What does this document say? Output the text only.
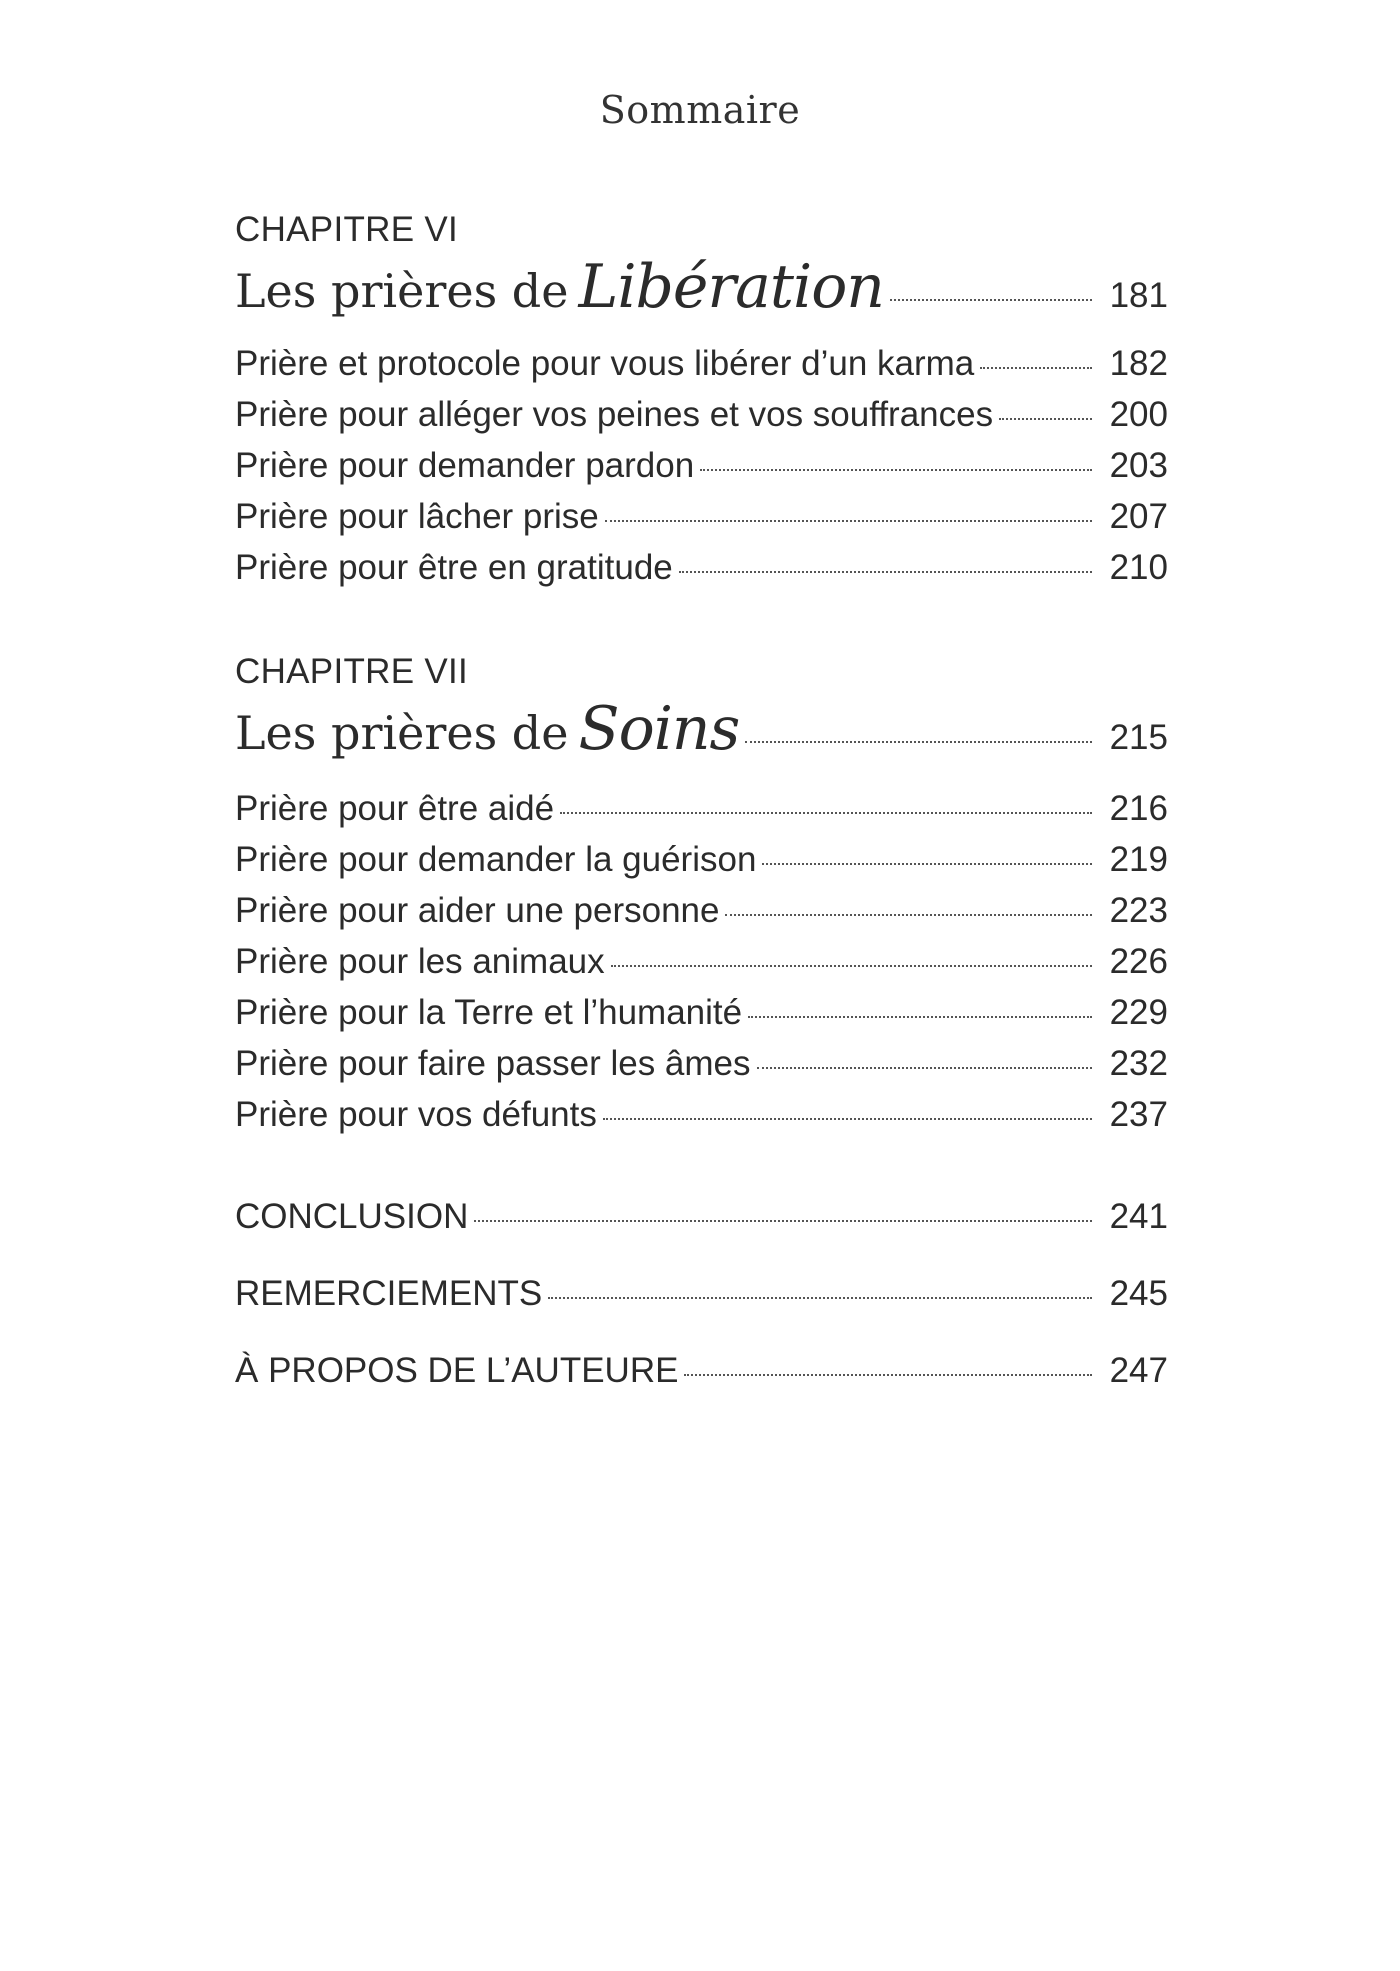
Sommaire
CHAPITRE VI
Les prières de Libération	181
Prière et protocole pour vous libérer d’un karma	182
Prière pour alléger vos peines et vos souffrances	200
Prière pour demander pardon	203
Prière pour lâcher prise	207
Prière pour être en gratitude	210
CHAPITRE VII
Les prières de Soins	215
Prière pour être aidé	216
Prière pour demander la guérison	219
Prière pour aider une personne	223
Prière pour les animaux	226
Prière pour la Terre et l’humanité	229
Prière pour faire passer les âmes	232
Prière pour vos défunts	237
CONCLUSION	241
REMERCIEMENTS	245
À PROPOS DE L’AUTEURE	247
